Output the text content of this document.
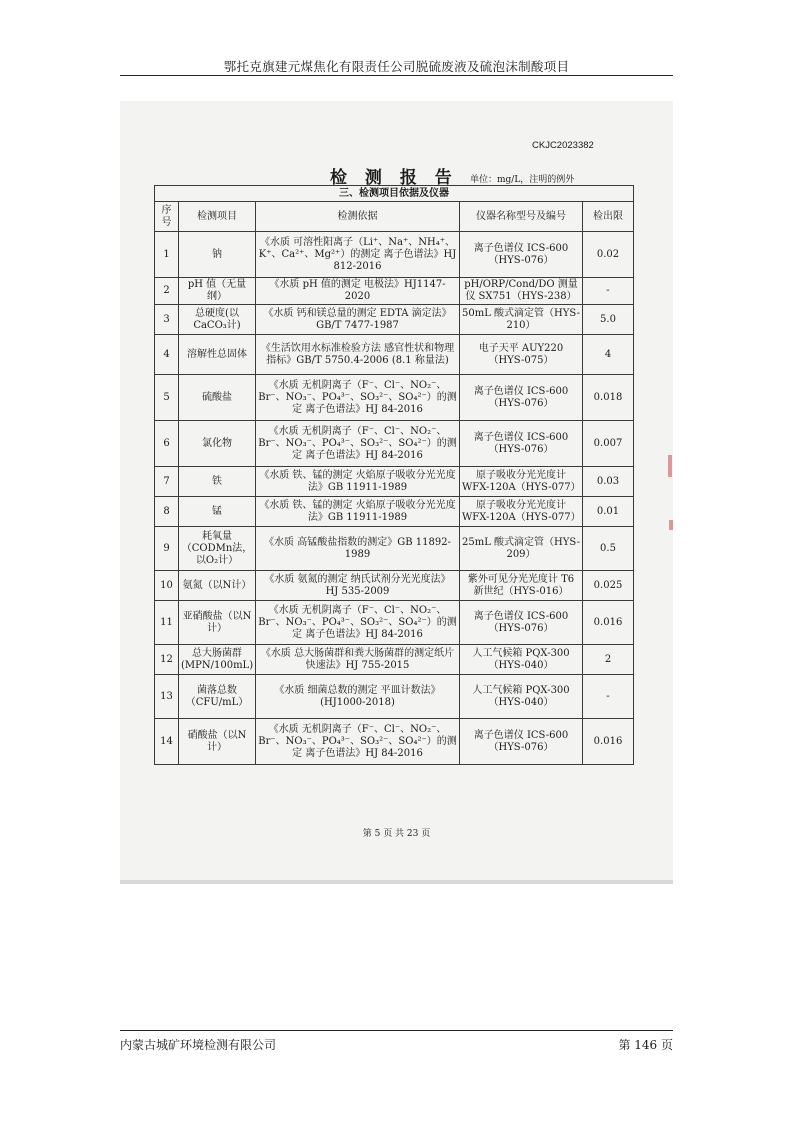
鄂托克旗建元煤焦化有限责任公司脱硫废液及硫泡沫制酸项目
CKJC2023382
检 测 报 告 单位：mg/L，注明的例外
三、检测项目依据及仪器				
序号	检测项目	检测依据	仪器名称型号及编号	检出限
1	钠	《水质 可溶性阳离子（Li⁺、Na⁺、NH₄⁺、K⁺、Ca²⁺、Mg²⁺）的测定 离子色谱法》HJ 812-2016	离子色谱仪 ICS-600（HYS-076）	0.02
2	pH 值（无量纲）	《水质 pH 值的测定 电极法》HJ1147-2020	pH/ORP/Cond/DO 测量仪 SX751（HYS-238）	-
3	总硬度(以CaCO₃计)	《水质 钙和镁总量的测定 EDTA 滴定法》GB/T 7477-1987	50mL 酸式滴定管（HYS-210）	5.0
4	溶解性总固体	《生活饮用水标准检验方法 感官性状和物理指标》GB/T 5750.4-2006 (8.1 称量法)	电子天平 AUY220（HYS-075）	4
5	硫酸盐	《水质 无机阴离子（F⁻、Cl⁻、NO₂⁻、Br⁻、NO₃⁻、PO₄³⁻、SO₃²⁻、SO₄²⁻）的测定 离子色谱法》HJ 84-2016	离子色谱仪 ICS-600（HYS-076）	0.018
6	氯化物	《水质 无机阴离子（F⁻、Cl⁻、NO₂⁻、Br⁻、NO₃⁻、PO₄³⁻、SO₃²⁻、SO₄²⁻）的测定 离子色谱法》HJ 84-2016	离子色谱仪 ICS-600（HYS-076）	0.007
7	铁	《水质 铁、锰的测定 火焰原子吸收分光光度法》GB 11911-1989	原子吸收分光光度计 WFX-120A（HYS-077）	0.03
8	锰	《水质 铁、锰的测定 火焰原子吸收分光光度法》GB 11911-1989	原子吸收分光光度计 WFX-120A（HYS-077）	0.01
9	耗氧量（CODMn法，以O₂计）	《水质 高锰酸盐指数的测定》GB 11892-1989	25mL 酸式滴定管（HYS-209）	0.5
10	氨氮（以N计）	《水质 氨氮的测定 纳氏试剂分光光度法》HJ 535-2009	紫外可见分光光度计 T6 新世纪（HYS-016）	0.025
11	亚硝酸盐（以N计）	《水质 无机阴离子（F⁻、Cl⁻、NO₂⁻、Br⁻、NO₃⁻、PO₄³⁻、SO₃²⁻、SO₄²⁻）的测定 离子色谱法》HJ 84-2016	离子色谱仪 ICS-600（HYS-076）	0.016
12	总大肠菌群(MPN/100mL)	《水质 总大肠菌群和粪大肠菌群的测定纸片快速法》HJ 755-2015	人工气候箱 PQX-300（HYS-040）	2
13	菌落总数（CFU/mL）	《水质 细菌总数的测定 平皿计数法》(HJ1000-2018)	人工气候箱 PQX-300（HYS-040）	-
14	硝酸盐（以N计）	《水质 无机阴离子（F⁻、Cl⁻、NO₂⁻、Br⁻、NO₃⁻、PO₄³⁻、SO₃²⁻、SO₄²⁻）的测定 离子色谱法》HJ 84-2016	离子色谱仪 ICS-600（HYS-076）	0.016
第 5 页 共 23 页
内蒙古城矿环境检测有限公司	第 146 页
